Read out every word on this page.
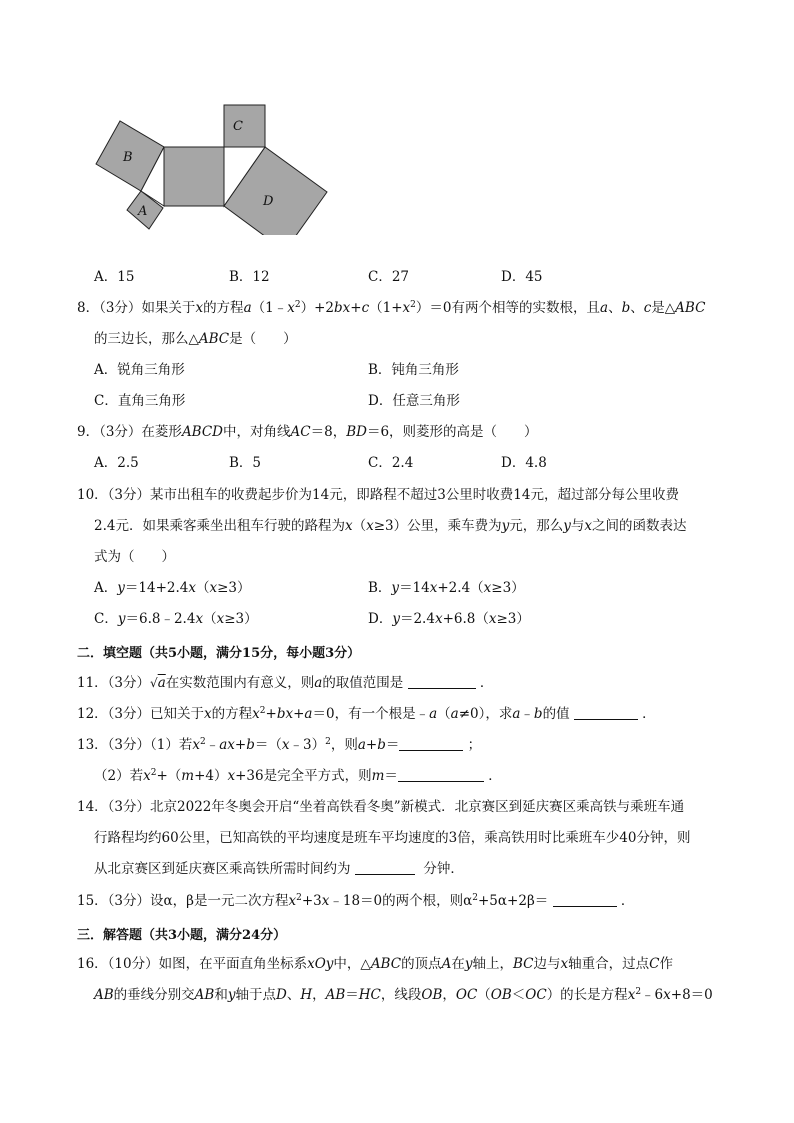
B
A
C
D
A．15	B．12	C．27	D．45
8．（3分）如果关于x的方程$a(1﹣x^2)+2bx+c(1+x^2)=0$有两个相等的实数根，且a、b、c是△ABC
的三边长，那么△ABC是（　　）
A．锐角三角形	B．钝角三角形
C．直角三角形	D．任意三角形
9．（3分）在菱形ABCD中，对角线AC＝8，BD＝6，则菱形的高是（　　）
A．2.5	B．5	C．2.4	D．4.8
10．（3分）某市出租车的收费起步价为14元，即路程不超过3公里时收费14元，超过部分每公里收费
2.4元．如果乘客乘坐出租车行驶的路程为x（x≥3）公里，乘车费为y元，那么y与x之间的函数表达
式为（　　）
A．y＝14+2.4x（x≥3）	B．y＝14x+2.4（x≥3）
C．y＝6.8﹣2.4x（x≥3）	D．y＝2.4x+6.8（x≥3）
二．填空题（共5小题，满分15分，每小题3分）
11．（3分）√a在实数范围内有意义，则a的取值范围是	．
12．（3分）已知关于x的方程$x^2+bx+a=0$，有一个根是﹣a（a≠0），求a﹣b的值	．
13．（3分）（1）若$x^2﹣ax+b=(x﹣3)^2$，则a+b＝	；
（2）若$x^2+(m+4)x+36$是完全平方式，则m＝	．
14．（3分）北京2022年冬奥会开启“坐着高铁看冬奥”新模式．北京赛区到延庆赛区乘高铁与乘班车通
行路程均约60公里，已知高铁的平均速度是班车平均速度的3倍，乘高铁用时比乘班车少40分钟，则
从北京赛区到延庆赛区乘高铁所需时间约为	分钟．
15．（3分）设α，β是一元二次方程$x^2+3x﹣18=0$的两个根，则$\alpha^2+5\alpha+2\beta=$	．
三．解答题（共3小题，满分24分）
16．（10分）如图，在平面直角坐标系xOy中，△ABC的顶点A在y轴上，BC边与x轴重合，过点C作
AB的垂线分别交AB和y轴于点D、H，AB＝HC，线段OB，OC（OB＜OC）的长是方程$x^2﹣6x+8=0$
